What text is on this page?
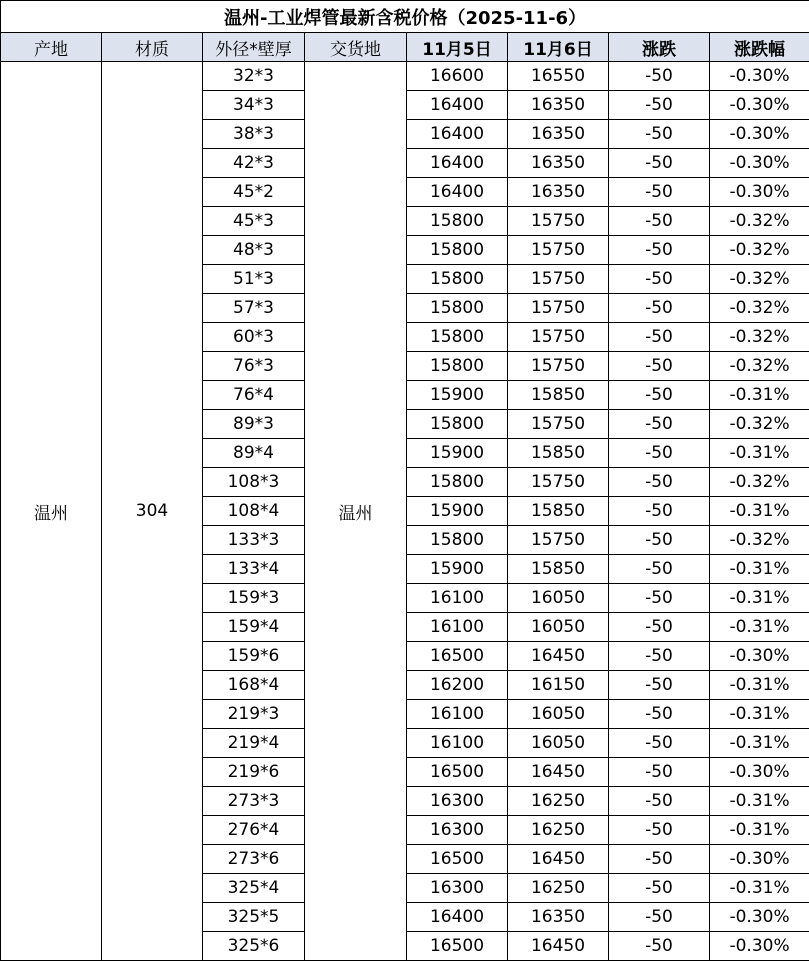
温州-工业焊管最新含税价格（2025-11-6）							
产地	材质	外径*壁厚	交货地	11月5日	11月6日	涨跌	涨跌幅
温州	304	32*3	温州	16600	16550	-50	-0.30%
		34*3		16400	16350	-50	-0.30%
		38*3		16400	16350	-50	-0.30%
		42*3		16400	16350	-50	-0.30%
		45*2		16400	16350	-50	-0.30%
		45*3		15800	15750	-50	-0.32%
		48*3		15800	15750	-50	-0.32%
		51*3		15800	15750	-50	-0.32%
		57*3		15800	15750	-50	-0.32%
		60*3		15800	15750	-50	-0.32%
		76*3		15800	15750	-50	-0.32%
		76*4		15900	15850	-50	-0.31%
		89*3		15800	15750	-50	-0.32%
		89*4		15900	15850	-50	-0.31%
		108*3		15800	15750	-50	-0.32%
		108*4		15900	15850	-50	-0.31%
		133*3		15800	15750	-50	-0.32%
		133*4		15900	15850	-50	-0.31%
		159*3		16100	16050	-50	-0.31%
		159*4		16100	16050	-50	-0.31%
		159*6		16500	16450	-50	-0.30%
		168*4		16200	16150	-50	-0.31%
		219*3		16100	16050	-50	-0.31%
		219*4		16100	16050	-50	-0.31%
		219*6		16500	16450	-50	-0.30%
		273*3		16300	16250	-50	-0.31%
		276*4		16300	16250	-50	-0.31%
		273*6		16500	16450	-50	-0.30%
		325*4		16300	16250	-50	-0.31%
		325*5		16400	16350	-50	-0.30%
		325*6		16500	16450	-50	-0.30%
